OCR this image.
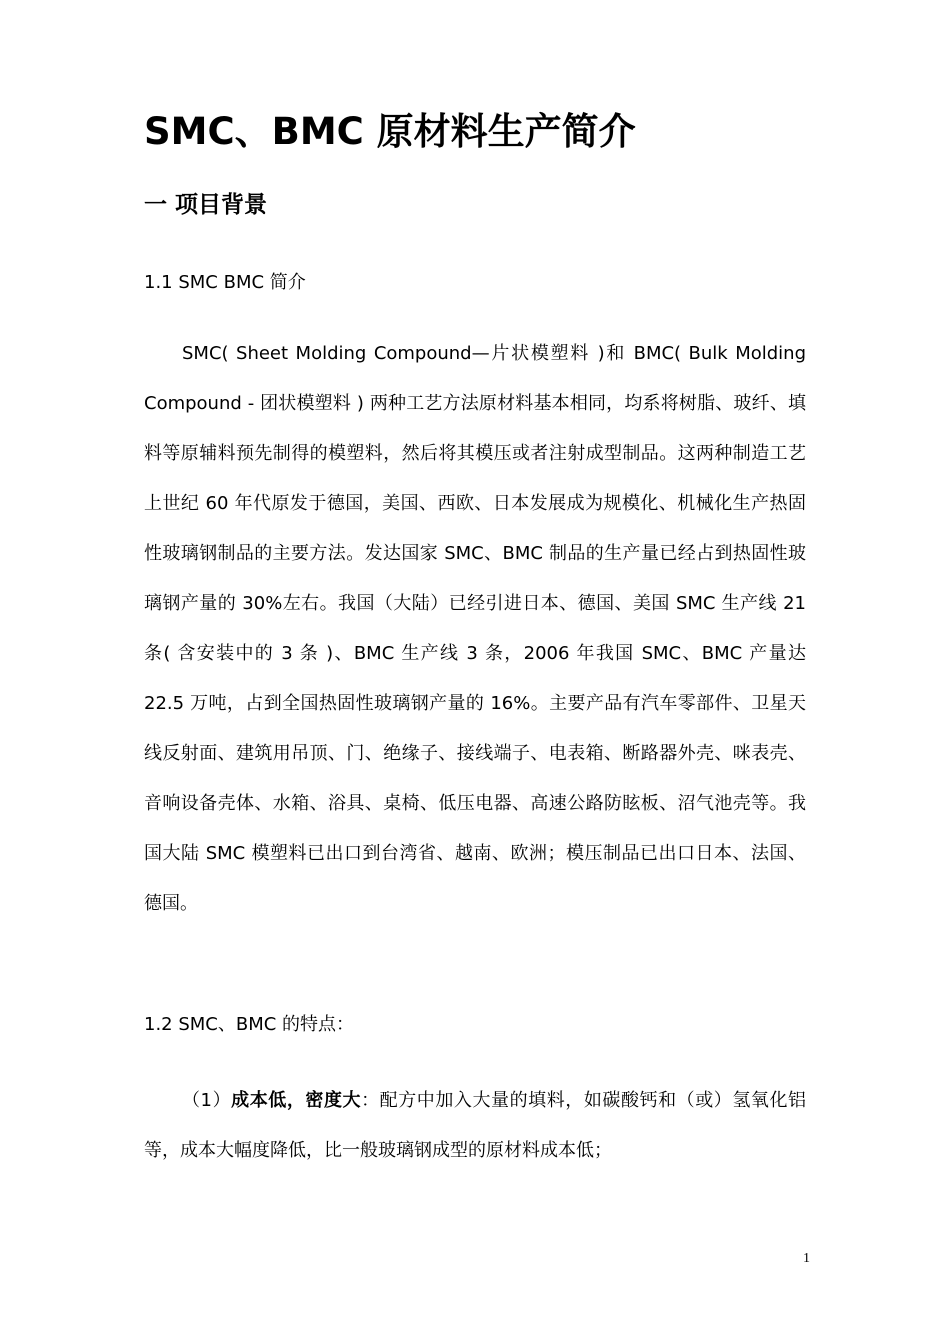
SMC、BMC 原材料生产简介
一 项目背景
1.1 SMC BMC 简介

SMC( Sheet Molding Compound—片状模塑料 )和 BMC( Bulk Molding Compound - 团状模塑料 ) 两种工艺方法原材料基本相同，均系将树脂、玻纤、填料等原辅料预先制得的模塑料，然后将其模压或者注射成型制品。这两种制造工艺上世纪 60 年代原发于德国，美国、西欧、日本发展成为规模化、机械化生产热固性玻璃钢制品的主要方法。发达国家 SMC、BMC 制品的生产量已经占到热固性玻璃钢产量的 30%左右。我国（大陆）已经引进日本、德国、美国 SMC 生产线 21 条( 含安装中的 3 条 )、BMC 生产线 3 条，2006 年我国 SMC、BMC 产量达 22.5 万吨，占到全国热固性玻璃钢产量的 16%。主要产品有汽车零部件、卫星天线反射面、建筑用吊顶、门、绝缘子、接线端子、电表箱、断路器外壳、咪表壳、音响设备壳体、水箱、浴具、桌椅、低压电器、高速公路防眩板、沼气池壳等。我国大陆 SMC 模塑料已出口到台湾省、越南、欧洲；模压制品已出口日本、法国、德国。

1.2 SMC、BMC 的特点：

（1）成本低，密度大：配方中加入大量的填料，如碳酸钙和（或）氢氧化铝等，成本大幅度降低，比一般玻璃钢成型的原材料成本低；

1
